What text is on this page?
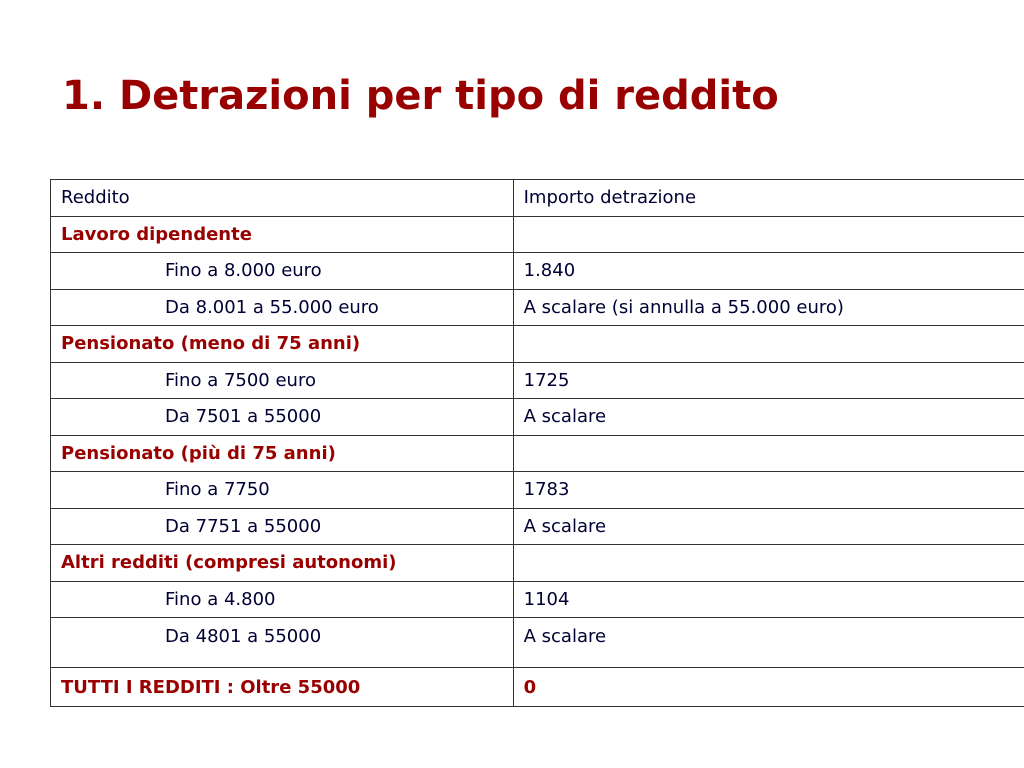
1. Detrazioni per tipo di reddito
Reddito	Importo detrazione
Lavoro dipendente	
Fino a 8.000 euro	1.840
Da 8.001 a 55.000 euro	A scalare (si annulla a 55.000 euro)
Pensionato (meno di 75 anni)	
Fino a 7500 euro	1725
Da 7501 a 55000	A scalare
Pensionato (più di 75 anni)	
Fino a 7750	1783
Da 7751 a 55000	A scalare
Altri redditi (compresi autonomi)	
Fino a 4.800	1104
Da 4801 a 55000	A scalare
TUTTI I REDDITI : Oltre 55000	0
